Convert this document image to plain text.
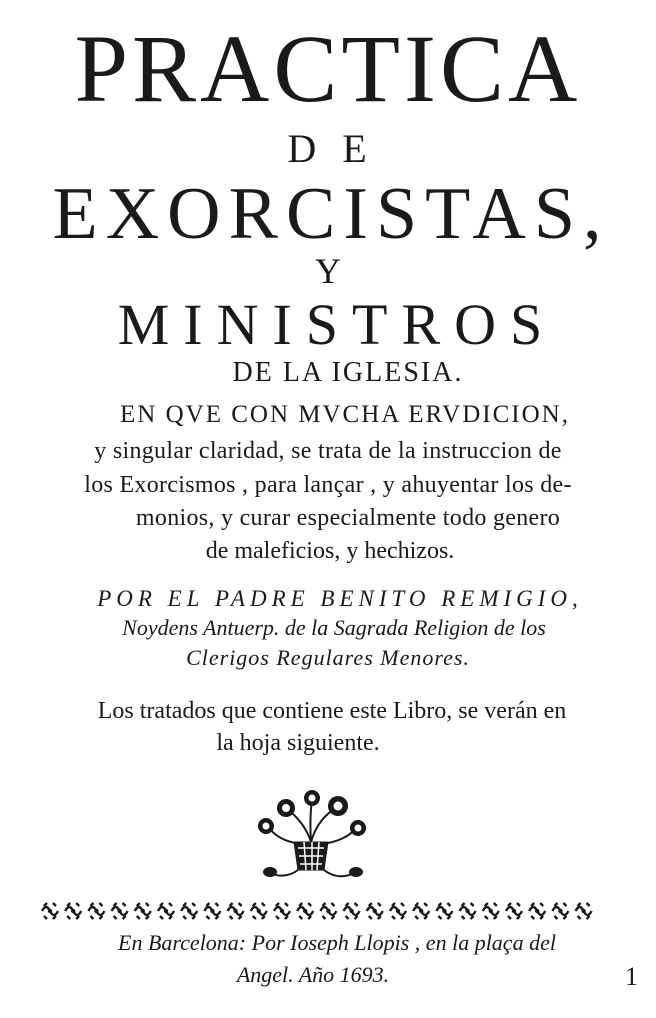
PRACTICA
DE
EXORCISTAS,
Y
MINISTROS
DE LA IGLESIA.
EN QVE CON MVCHA ERVDICION,
y singular claridad, se trata de la instruccion de
los Exorcismos , para lançar , y ahuyentar los de-
monios, y curar especialmente todo genero
de maleficios, y hechizos.
POR EL PADRE BENITO REMIGIO,
Noydens Antuerp. de la Sagrada Religion de los
Clerigos Regulares Menores.
Los tratados que contiene este Libro, se verán en
la hoja siguiente.
En Barcelona: Por Ioseph Llopis , en la plaça del
Angel. Año 1693.	1
